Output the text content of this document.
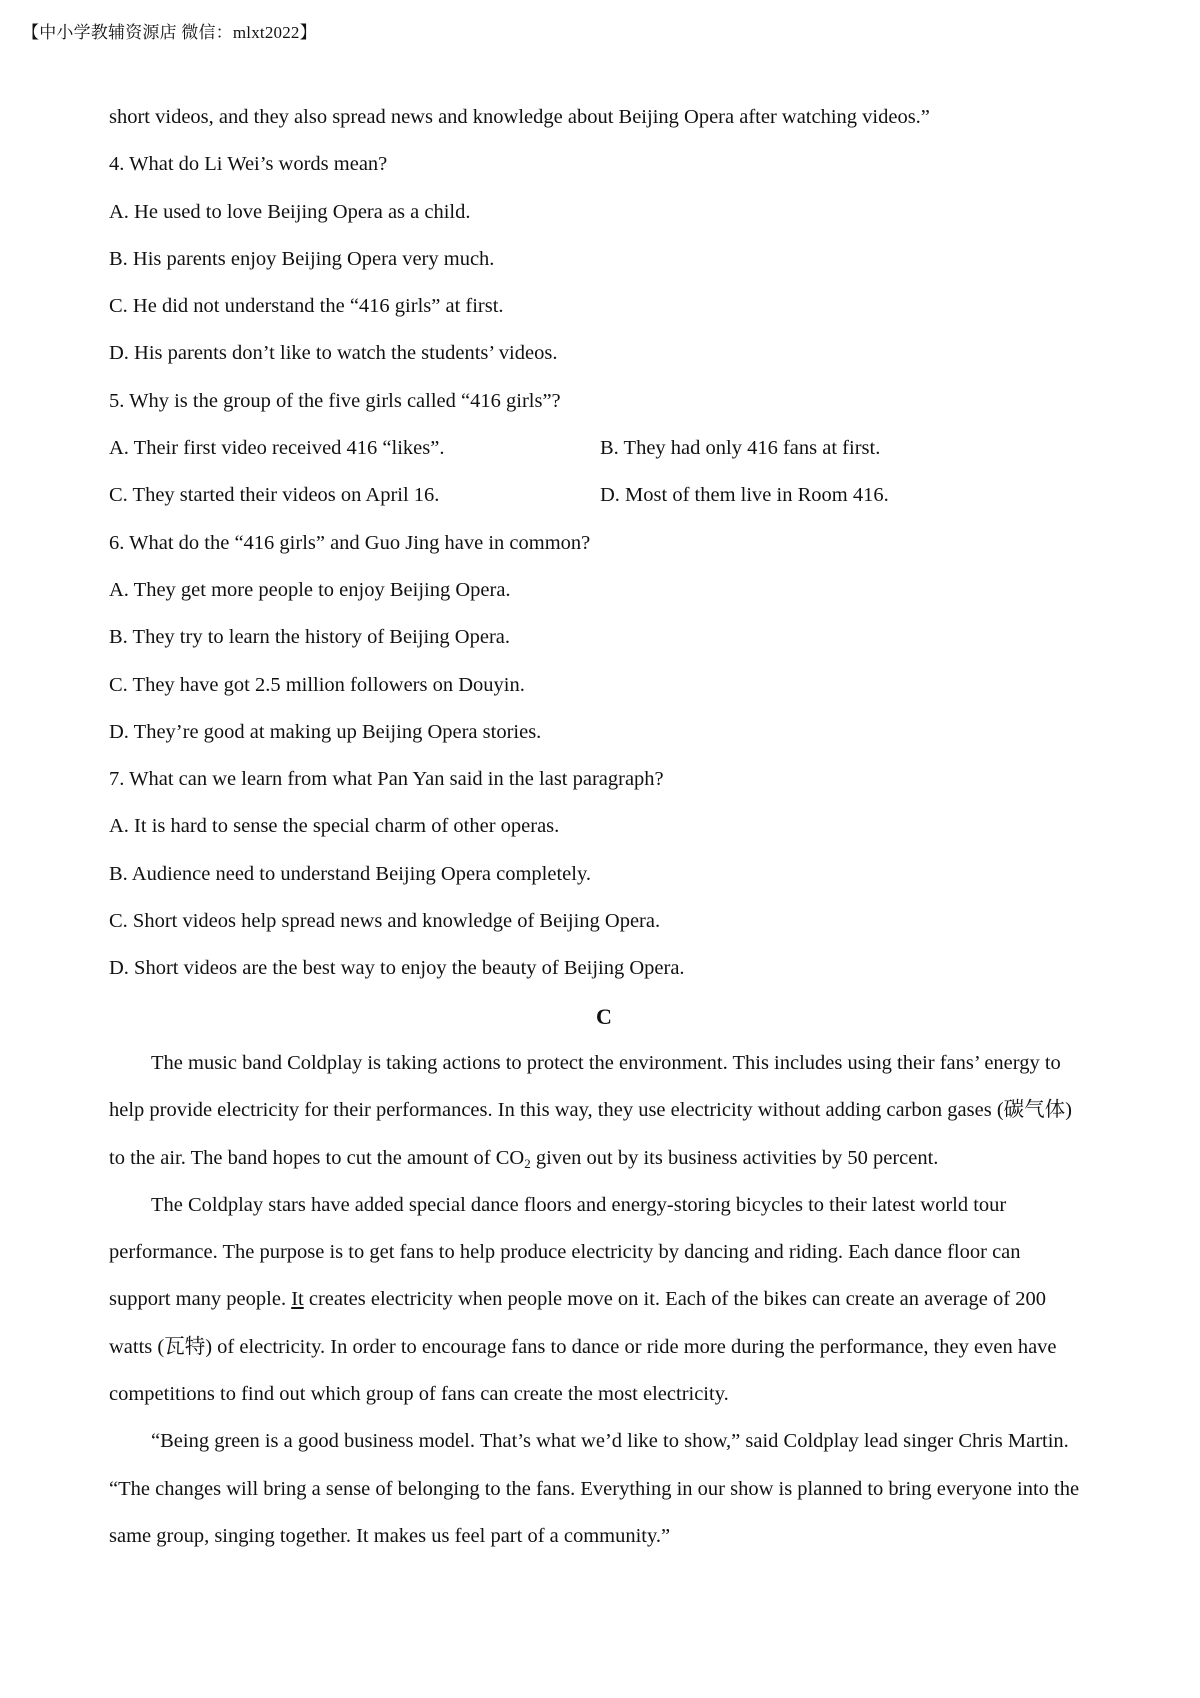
【中小学教辅资源店 微信：mlxt2022】
short videos, and they also spread news and knowledge about Beijing Opera after watching videos.”
4. What do Li Wei’s words mean?
A. He used to love Beijing Opera as a child.
B. His parents enjoy Beijing Opera very much.
C. He did not understand the “416 girls” at first.
D. His parents don’t like to watch the students’ videos.
5. Why is the group of the five girls called “416 girls”?
A. Their first video received 416 “likes”.	B. They had only 416 fans at first.
C. They started their videos on April 16.	D. Most of them live in Room 416.
6. What do the “416 girls” and Guo Jing have in common?
A. They get more people to enjoy Beijing Opera.
B. They try to learn the history of Beijing Opera.
C. They have got 2.5 million followers on Douyin.
D. They’re good at making up Beijing Opera stories.
7. What can we learn from what Pan Yan said in the last paragraph?
A. It is hard to sense the special charm of other operas.
B. Audience need to understand Beijing Opera completely.
C. Short videos help spread news and knowledge of Beijing Opera.
D. Short videos are the best way to enjoy the beauty of Beijing Opera.
C
The music band Coldplay is taking actions to protect the environment. This includes using their fans’ energy to
help provide electricity for their performances. In this way, they use electricity without adding carbon gases (碳气体)
to the air. The band hopes to cut the amount of $CO_2$ given out by its business activities by 50 percent.
The Coldplay stars have added special dance floors and energy-storing bicycles to their latest world tour
performance. The purpose is to get fans to help produce electricity by dancing and riding. Each dance floor can
support many people. It creates electricity when people move on it. Each of the bikes can create an average of 200
watts (瓦特) of electricity. In order to encourage fans to dance or ride more during the performance, they even have
competitions to find out which group of fans can create the most electricity.
“Being green is a good business model. That’s what we’d like to show,” said Coldplay lead singer Chris Martin.
“The changes will bring a sense of belonging to the fans. Everything in our show is planned to bring everyone into the
same group, singing together. It makes us feel part of a community.”
